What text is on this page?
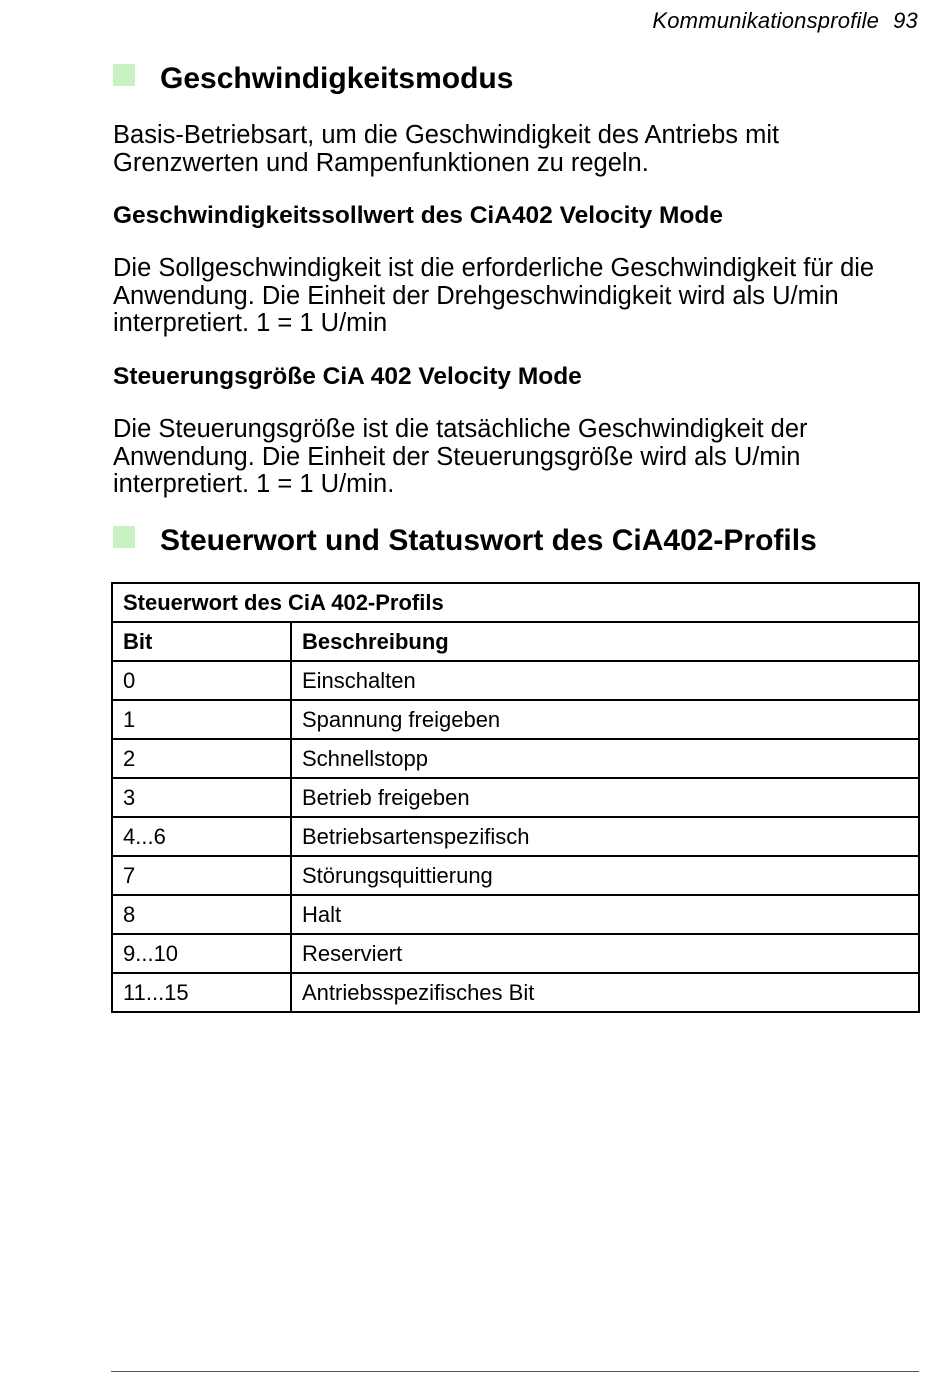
Kommunikationsprofile 93
Geschwindigkeitsmodus
Basis-Betriebsart, um die Geschwindigkeit des Antriebs mit Grenzwerten und Rampenfunktionen zu regeln.
Geschwindigkeitssollwert des CiA402 Velocity Mode
Die Sollgeschwindigkeit ist die erforderliche Geschwindigkeit für die Anwendung. Die Einheit der Drehgeschwindigkeit wird als U/min interpretiert. 1 = 1 U/min
Steuerungsgröße CiA 402 Velocity Mode
Die Steuerungsgröße ist die tatsächliche Geschwindigkeit der Anwendung. Die Einheit der Steuerungsgröße wird als U/min interpretiert. 1 = 1 U/min.
Steuerwort und Statuswort des CiA402-Profils
Steuerwort des CiA 402-Profils	
Bit	Beschreibung
0	Einschalten
1	Spannung freigeben
2	Schnellstopp
3	Betrieb freigeben
4...6	Betriebsartenspezifisch
7	Störungsquittierung
8	Halt
9...10	Reserviert
11...15	Antriebsspezifisches Bit
